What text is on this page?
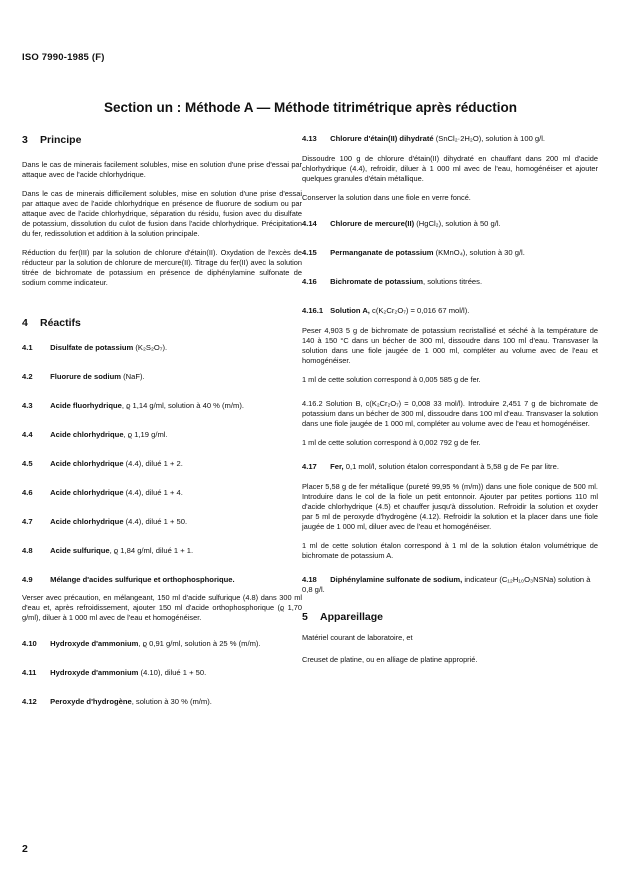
ISO 7990-1985 (F)
Section un : Méthode A — Méthode titrimétrique après réduction
3 Principe
Dans le cas de minerais facilement solubles, mise en solution d'une prise d'essai par attaque avec de l'acide chlorhydrique.
Dans le cas de minerais difficilement solubles, mise en solution d'une prise d'essai par attaque avec de l'acide chlorhydrique en présence de fluorure de sodium ou par attaque avec de l'acide chlorhydrique, séparation du résidu, fusion avec du disulfate de potassium, dissolution du culot de fusion dans l'acide chlorhydrique. Précipitation du fer, redissolution et addition à la solution principale.
Réduction du fer(III) par la solution de chlorure d'étain(II). Oxydation de l'excès de réducteur par la solution de chlorure de mercure(II). Titrage du fer(II) avec la solution titrée de bichromate de potassium en présence de diphénylamine sulfonate de sodium comme indicateur.
4 Réactifs
4.1 Disulfate de potassium (K₂S₂O₇).
4.2 Fluorure de sodium (NaF).
4.3 Acide fluorhydrique, ϱ 1,14 g/ml, solution à 40 % (m/m).
4.4 Acide chlorhydrique, ϱ 1,19 g/ml.
4.5 Acide chlorhydrique (4.4), dilué 1 + 2.
4.6 Acide chlorhydrique (4.4), dilué 1 + 4.
4.7 Acide chlorhydrique (4.4), dilué 1 + 50.
4.8 Acide sulfurique, ϱ 1,84 g/ml, dilué 1 + 1.
4.9 Mélange d'acides sulfurique et orthophosphorique.
Verser avec précaution, en mélangeant, 150 ml d'acide sulfurique (4.8) dans 300 ml d'eau et, après refroidissement, ajouter 150 ml d'acide orthophosphorique (ϱ 1,70 g/ml), diluer à 1 000 ml avec de l'eau et homogénéiser.
4.10 Hydroxyde d'ammonium, ϱ 0,91 g/ml, solution à 25 % (m/m).
4.11 Hydroxyde d'ammonium (4.10), dilué 1 + 50.
4.12 Peroxyde d'hydrogène, solution à 30 % (m/m).
4.13 Chlorure d'étain(II) dihydraté (SnCl₂·2H₂O), solution à 100 g/l.
Dissoudre 100 g de chlorure d'étain(II) dihydraté en chauffant dans 200 ml d'acide chlorhydrique (4.4), refroidir, diluer à 1 000 ml avec de l'eau, homogénéiser et ajouter quelques granules d'étain métallique.
Conserver la solution dans une fiole en verre foncé.
4.14 Chlorure de mercure(II) (HgCl₂), solution à 50 g/l.
4.15 Permanganate de potassium (KMnO₄), solution à 30 g/l.
4.16 Bichromate de potassium, solutions titrées.
4.16.1 Solution A, c(K₂Cr₂O₇) = 0,016 67 mol/l).
Peser 4,903 5 g de bichromate de potassium recristallisé et séché à la température de 140 à 150 °C dans un bécher de 300 ml, dissoudre dans 100 ml d'eau. Transvaser la solution dans une fiole jaugée de 1 000 ml, compléter au volume avec de l'eau et homogénéiser.
1 ml de cette solution correspond à 0,005 585 g de fer.
4.16.2 Solution B, c(K₂Cr₂O₇) = 0,008 33 mol/l). Introduire 2,451 7 g de bichromate de potassium dans un bécher de 300 ml, dissoudre dans 100 ml d'eau. Transvaser la solution dans une fiole jaugée de 1 000 ml, compléter au volume avec de l'eau et homogénéiser.
1 ml de cette solution correspond à 0,002 792 g de fer.
4.17 Fer, 0,1 mol/l, solution étalon correspondant à 5,58 g de Fe par litre.
Placer 5,58 g de fer métallique (pureté 99,95 % (m/m)) dans une fiole conique de 500 ml. Introduire dans le col de la fiole un petit entonnoir. Ajouter par petites portions 110 ml d'acide chlorhydrique (4.5) et chauffer jusqu'à dissolution. Refroidir la solution et oxyder par 5 ml de peroxyde d'hydrogène (4.12). Refroidir la solution et la placer dans une fiole jaugée de 1 000 ml, diluer avec de l'eau et homogénéiser.
1 ml de cette solution étalon correspond à 1 ml de la solution étalon volumétrique de bichromate de potassium A.
4.18 Diphénylamine sulfonate de sodium, indicateur (C₁₂H₁₀O₃NSNa) solution à 0,8 g/l.
5 Appareillage
Matériel courant de laboratoire, et
Creuset de platine, ou en alliage de platine approprié.
2
